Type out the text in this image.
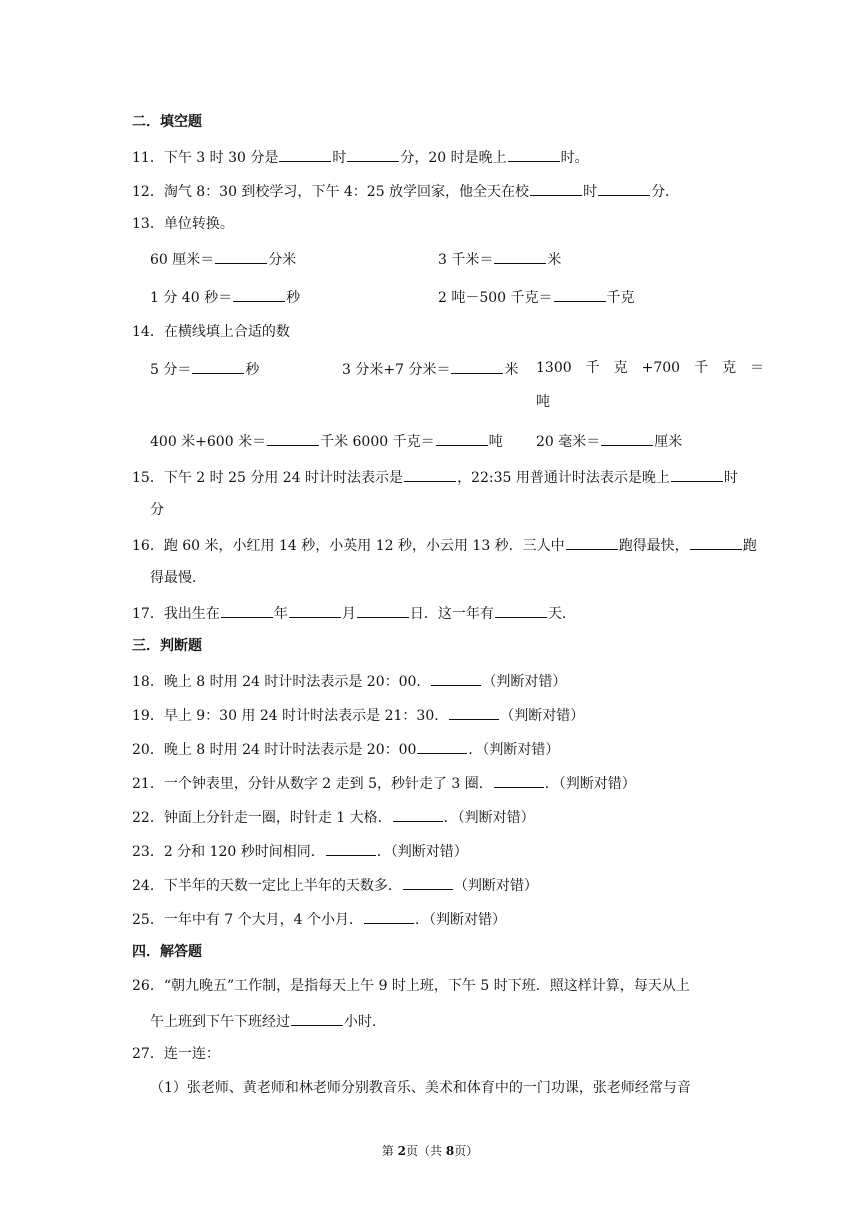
二．填空题
11．下午 3 时 30 分是	时	分，20 时是晚上	时。
12．淘气 8：30 到校学习，下午 4：25 放学回家，他全天在校	时	分．
13．单位转换。
60 厘米＝	分米	3 千米＝	米
1 分 40 秒＝	秒	2 吨－500 千克＝	千克
14．在横线填上合适的数
5 分＝	秒	3 分米+7 分米＝	米 1300　千　克　+700　千　克　＝
吨
400 米+600 米＝	千米 6000 千克＝	吨 20 毫米＝	厘米
15．下午 2 时 25 分用 24 时计时法表示是	，22:35 用普通计时法表示是晚上	时
分
16．跑 60 米，小红用 14 秒，小英用 12 秒，小云用 13 秒．三人中	跑得最快，	跑
得最慢．
17．我出生在	年	月	日．这一年有	天．
三．判断题
18．晚上 8 时用 24 时计时法表示是 20：00．	（判断对错）
19．早上 9：30 用 24 时计时法表示是 21：30．	（判断对错）
20．晚上 8 时用 24 时计时法表示是 20：00	．（判断对错）
21．一个钟表里，分针从数字 2 走到 5，秒针走了 3 圈．	．（判断对错）
22．钟面上分针走一圈，时针走 1 大格．	．（判断对错）
23．2 分和 120 秒时间相同．	．（判断对错）
24．下半年的天数一定比上半年的天数多．	（判断对错）
25．一年中有 7 个大月，4 个小月．	．（判断对错）
四．解答题
26．“朝九晚五”工作制，是指每天上午 9 时上班，下午 5 时下班．照这样计算，每天从上
午上班到下午下班经过	小时．
27．连一连：
（1）张老师、黄老师和林老师分别教音乐、美术和体育中的一门功课，张老师经常与音
第 2页（共 8页）
